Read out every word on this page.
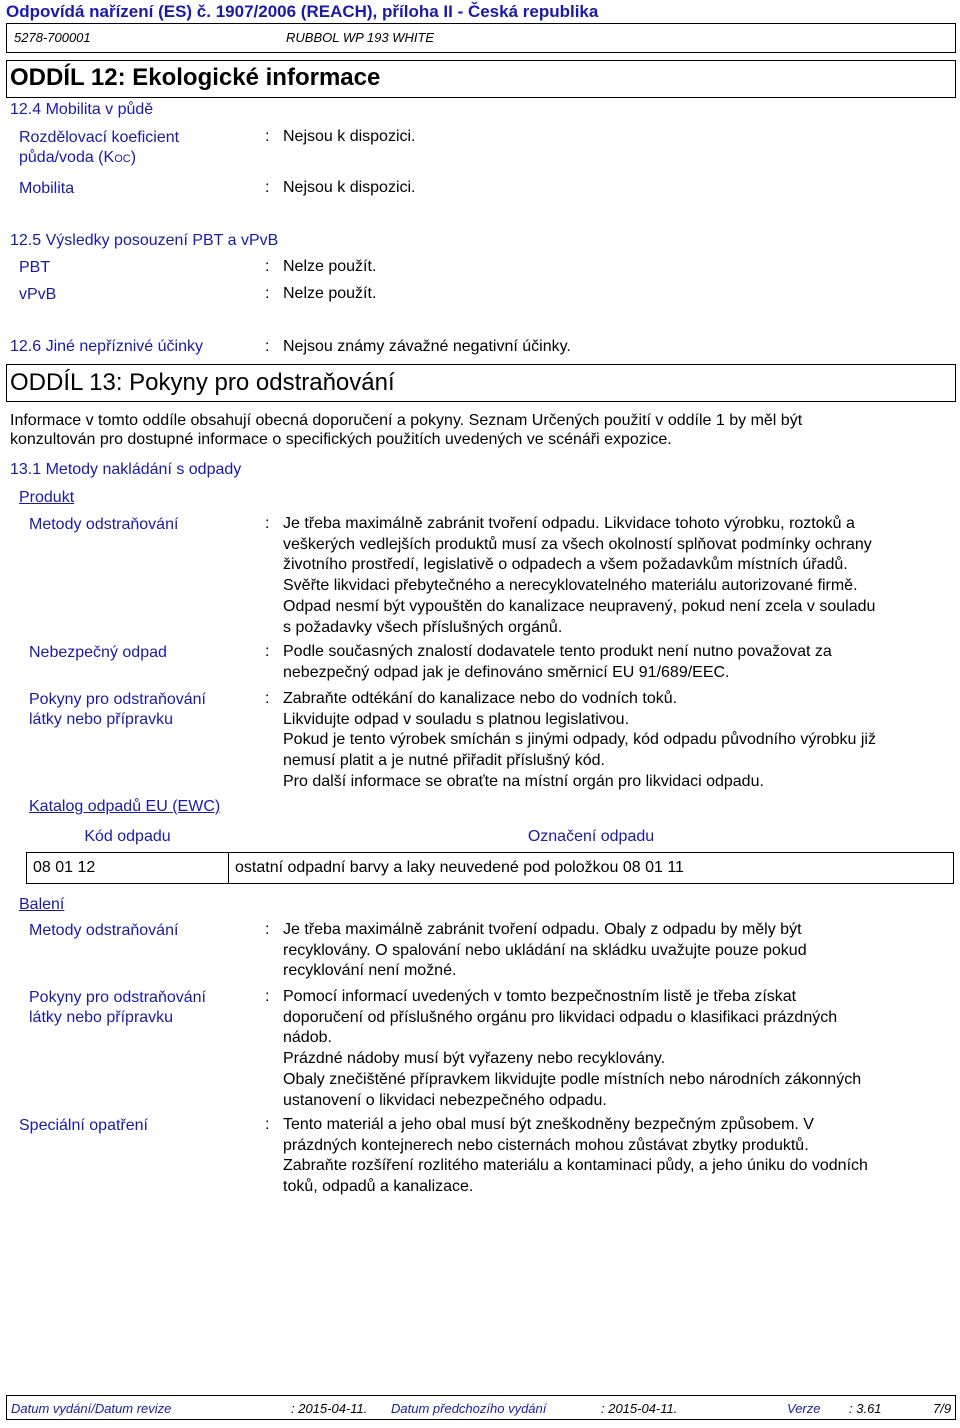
Odpovídá nařízení (ES) č. 1907/2006 (REACH), příloha II - Česká republika
5278-700001	RUBBOL WP 193 WHITE
ODDÍL 12: Ekologické informace
12.4 Mobilita v půdě
Rozdělovací koeficient
půda/voda (KOC)
: Nejsou k dispozici.
Mobilita	: Nejsou k dispozici.
12.5 Výsledky posouzení PBT a vPvB
PBT	: Nelze použít.
vPvB	: Nelze použít.
12.6 Jiné nepříznivé účinky	: Nejsou známy závažné negativní účinky.
ODDÍL 13: Pokyny pro odstraňování
Informace v tomto oddíle obsahují obecná doporučení a pokyny. Seznam Určených použití v oddíle 1 by měl být
konzultován pro dostupné informace o specifických použitích uvedených ve scénáři expozice.
13.1 Metody nakládání s odpady
Produkt
Metody odstraňování	: Je třeba maximálně zabránit tvoření odpadu. Likvidace tohoto výrobku, roztoků a
veškerých vedlejších produktů musí za všech okolností splňovat podmínky ochrany
životního prostředí, legislativě o odpadech a všem požadavkům místních úřadů.
Svěřte likvidaci přebytečného a nerecyklovatelného materiálu autorizované firmě.
Odpad nesmí být vypouštěn do kanalizace neupravený, pokud není zcela v souladu
s požadavky všech příslušných orgánů.
Nebezpečný odpad	: Podle současných znalostí dodavatele tento produkt není nutno považovat za
nebezpečný odpad jak je definováno směrnicí EU 91/689/EEC.
Pokyny pro odstraňování
látky nebo přípravku
: Zabraňte odtékání do kanalizace nebo do vodních toků.
Likvidujte odpad v souladu s platnou legislativou.
Pokud je tento výrobek smíchán s jinými odpady, kód odpadu původního výrobku již
nemusí platit a je nutné přiřadit příslušný kód.
Pro další informace se obraťte na místní orgán pro likvidaci odpadu.
Katalog odpadů EU (EWC)
Kód odpadu	Označení odpadu
08 01 12	ostatní odpadní barvy a laky neuvedené pod položkou 08 01 11
Balení
Metody odstraňování	: Je třeba maximálně zabránit tvoření odpadu. Obaly z odpadu by měly být
recyklovány. O spalování nebo ukládání na skládku uvažujte pouze pokud
recyklování není možné.
Pokyny pro odstraňování
látky nebo přípravku
: Pomocí informací uvedených v tomto bezpečnostním listě je třeba získat
doporučení od příslušného orgánu pro likvidaci odpadu o klasifikaci prázdných
nádob.
Prázdné nádoby musí být vyřazeny nebo recyklovány.
Obaly znečištěné přípravkem likvidujte podle místních nebo národních zákonných
ustanovení o likvidaci nebezpečného odpadu.
Speciální opatření	: Tento materiál a jeho obal musí být zneškodněny bezpečným způsobem. V
prázdných kontejnerech nebo cisternách mohou zůstávat zbytky produktů.
Zabraňte rozšíření rozlitého materiálu a kontaminaci půdy, a jeho úniku do vodních
toků, odpadů a kanalizace.
Datum vydání/Datum revize	: 2015-04-11. Datum předchozího vydání	: 2015-04-11.	Verze : 3.61	7/9
